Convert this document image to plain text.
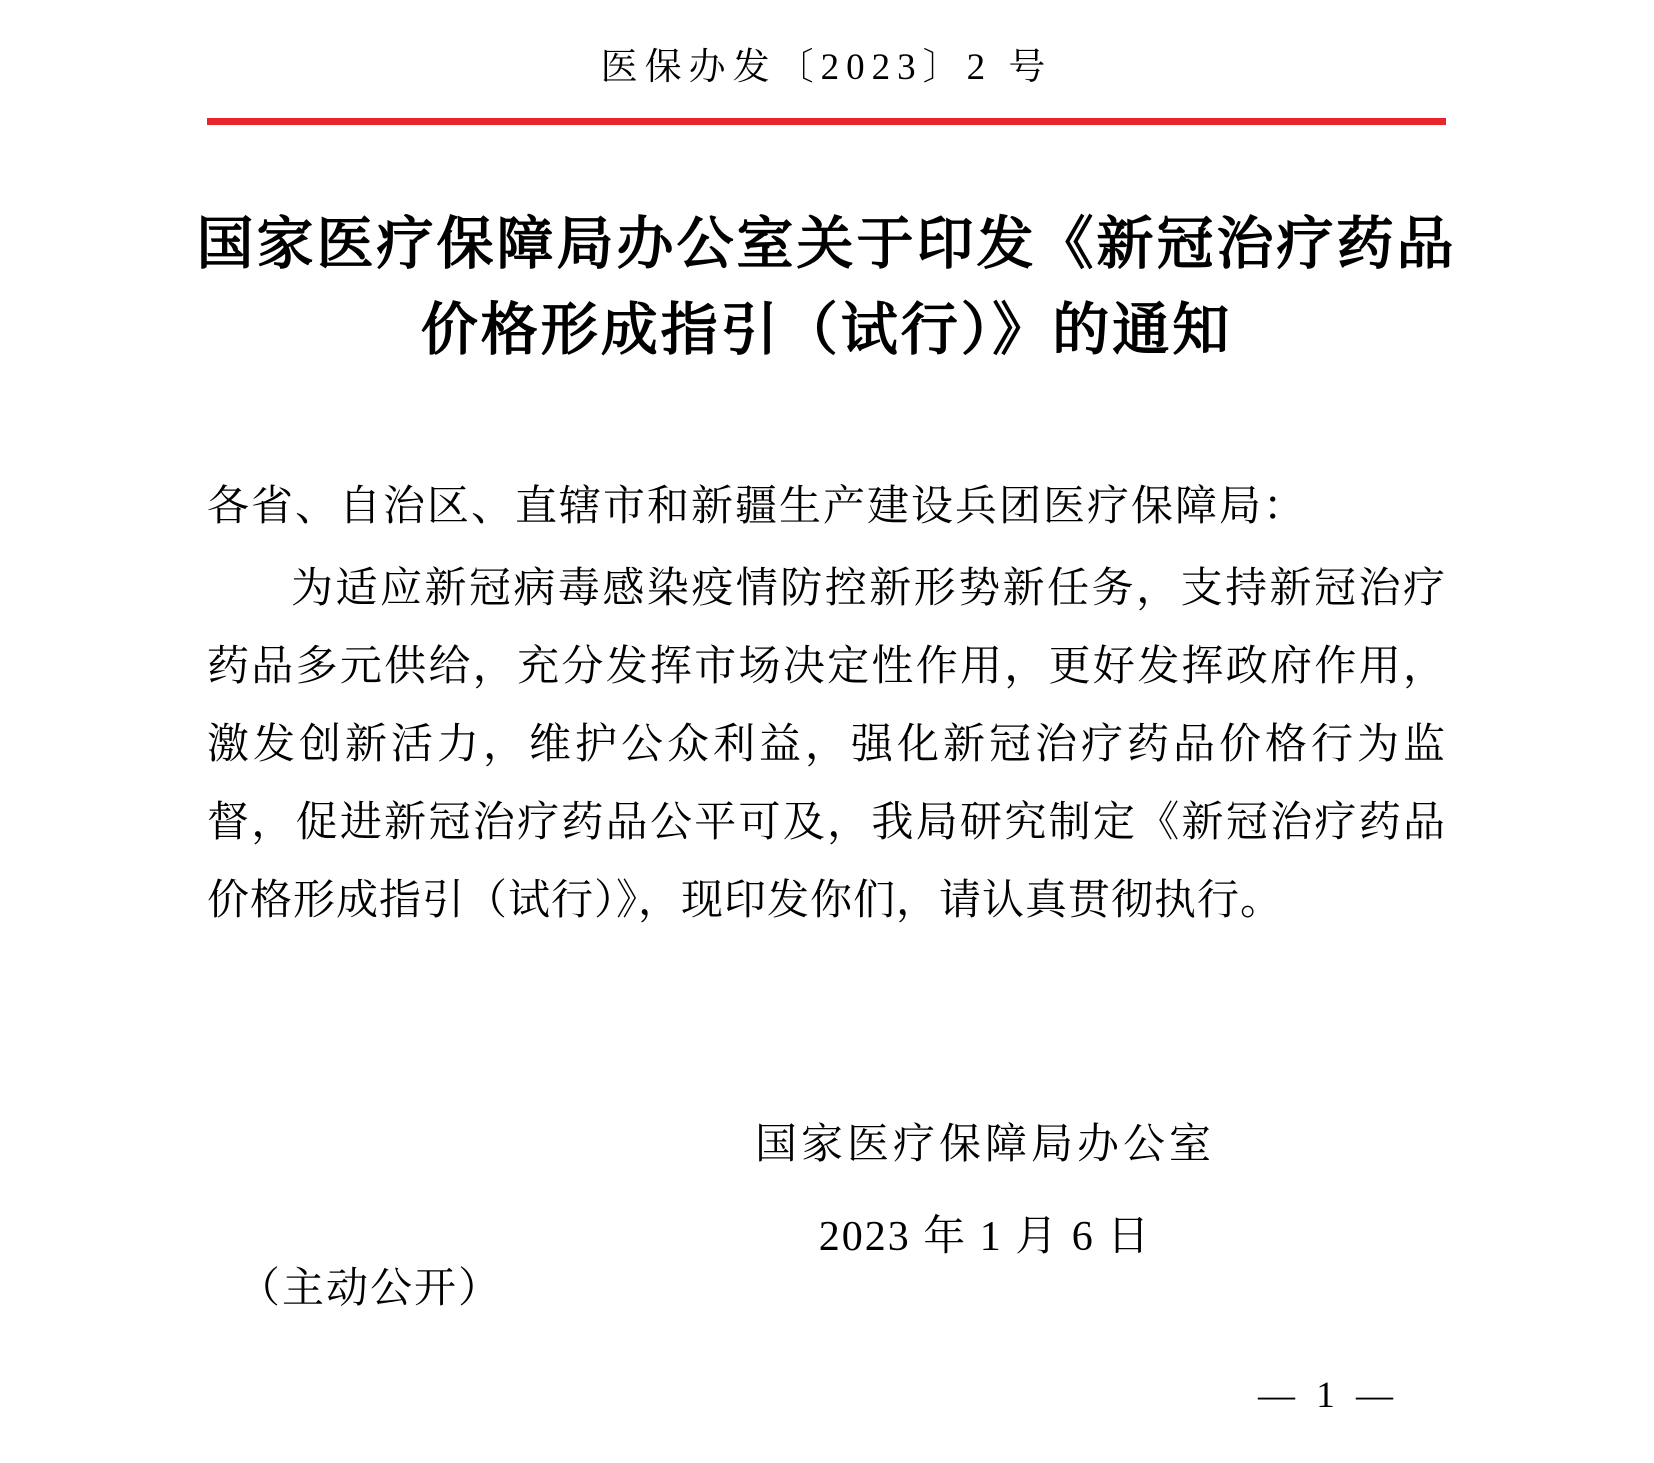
医保办发〔2023〕2 号
国家医疗保障局办公室关于印发《新冠治疗药品
价格形成指引（试行）》的通知
各省、自治区、直辖市和新疆生产建设兵团医疗保障局：
为适应新冠病毒感染疫情防控新形势新任务，支持新冠治疗
药品多元供给，充分发挥市场决定性作用，更好发挥政府作用，
激发创新活力，维护公众利益，强化新冠治疗药品价格行为监
督，促进新冠治疗药品公平可及，我局研究制定《新冠治疗药品
价格形成指引（试行）》，现印发你们，请认真贯彻执行。
国家医疗保障局办公室
2023 年 1 月 6 日
（主动公开）
— 1 —
